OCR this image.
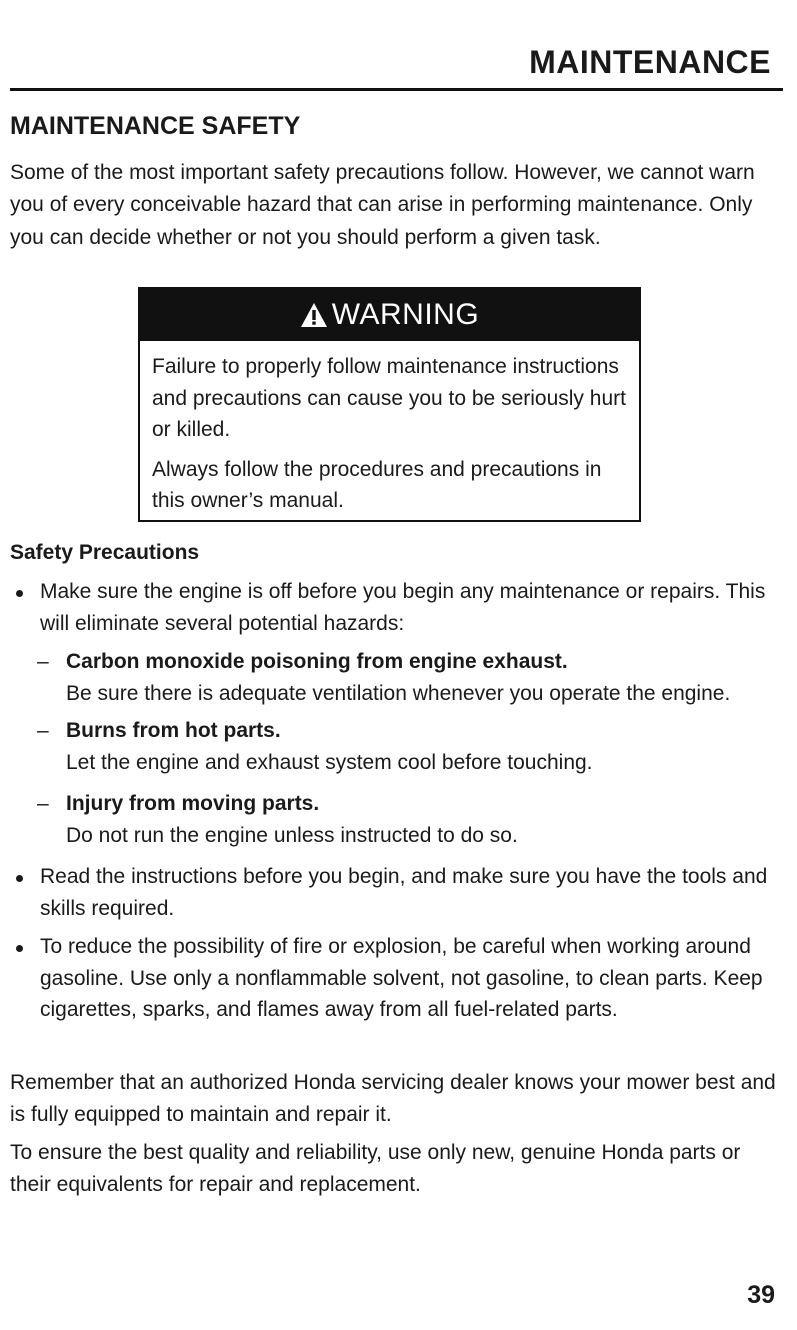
MAINTENANCE
MAINTENANCE SAFETY

Some of the most important safety precautions follow. However, we cannot warn you of every conceivable hazard that can arise in performing maintenance. Only you can decide whether or not you should perform a given task.

WARNING

Failure to properly follow maintenance instructions and precautions can cause you to be seriously hurt or killed.

Always follow the procedures and precautions in this owner’s manual.

Safety Precautions

Make sure the engine is off before you begin any maintenance or repairs. This will eliminate several potential hazards:

– Carbon monoxide poisoning from engine exhaust.
Be sure there is adequate ventilation whenever you operate the engine.

– Burns from hot parts.
Let the engine and exhaust system cool before touching.

– Injury from moving parts.
Do not run the engine unless instructed to do so.

Read the instructions before you begin, and make sure you have the tools and skills required.

To reduce the possibility of fire or explosion, be careful when working around gasoline. Use only a nonflammable solvent, not gasoline, to clean parts. Keep cigarettes, sparks, and flames away from all fuel-related parts.

Remember that an authorized Honda servicing dealer knows your mower best and is fully equipped to maintain and repair it.

To ensure the best quality and reliability, use only new, genuine Honda parts or their equivalents for repair and replacement.

39
